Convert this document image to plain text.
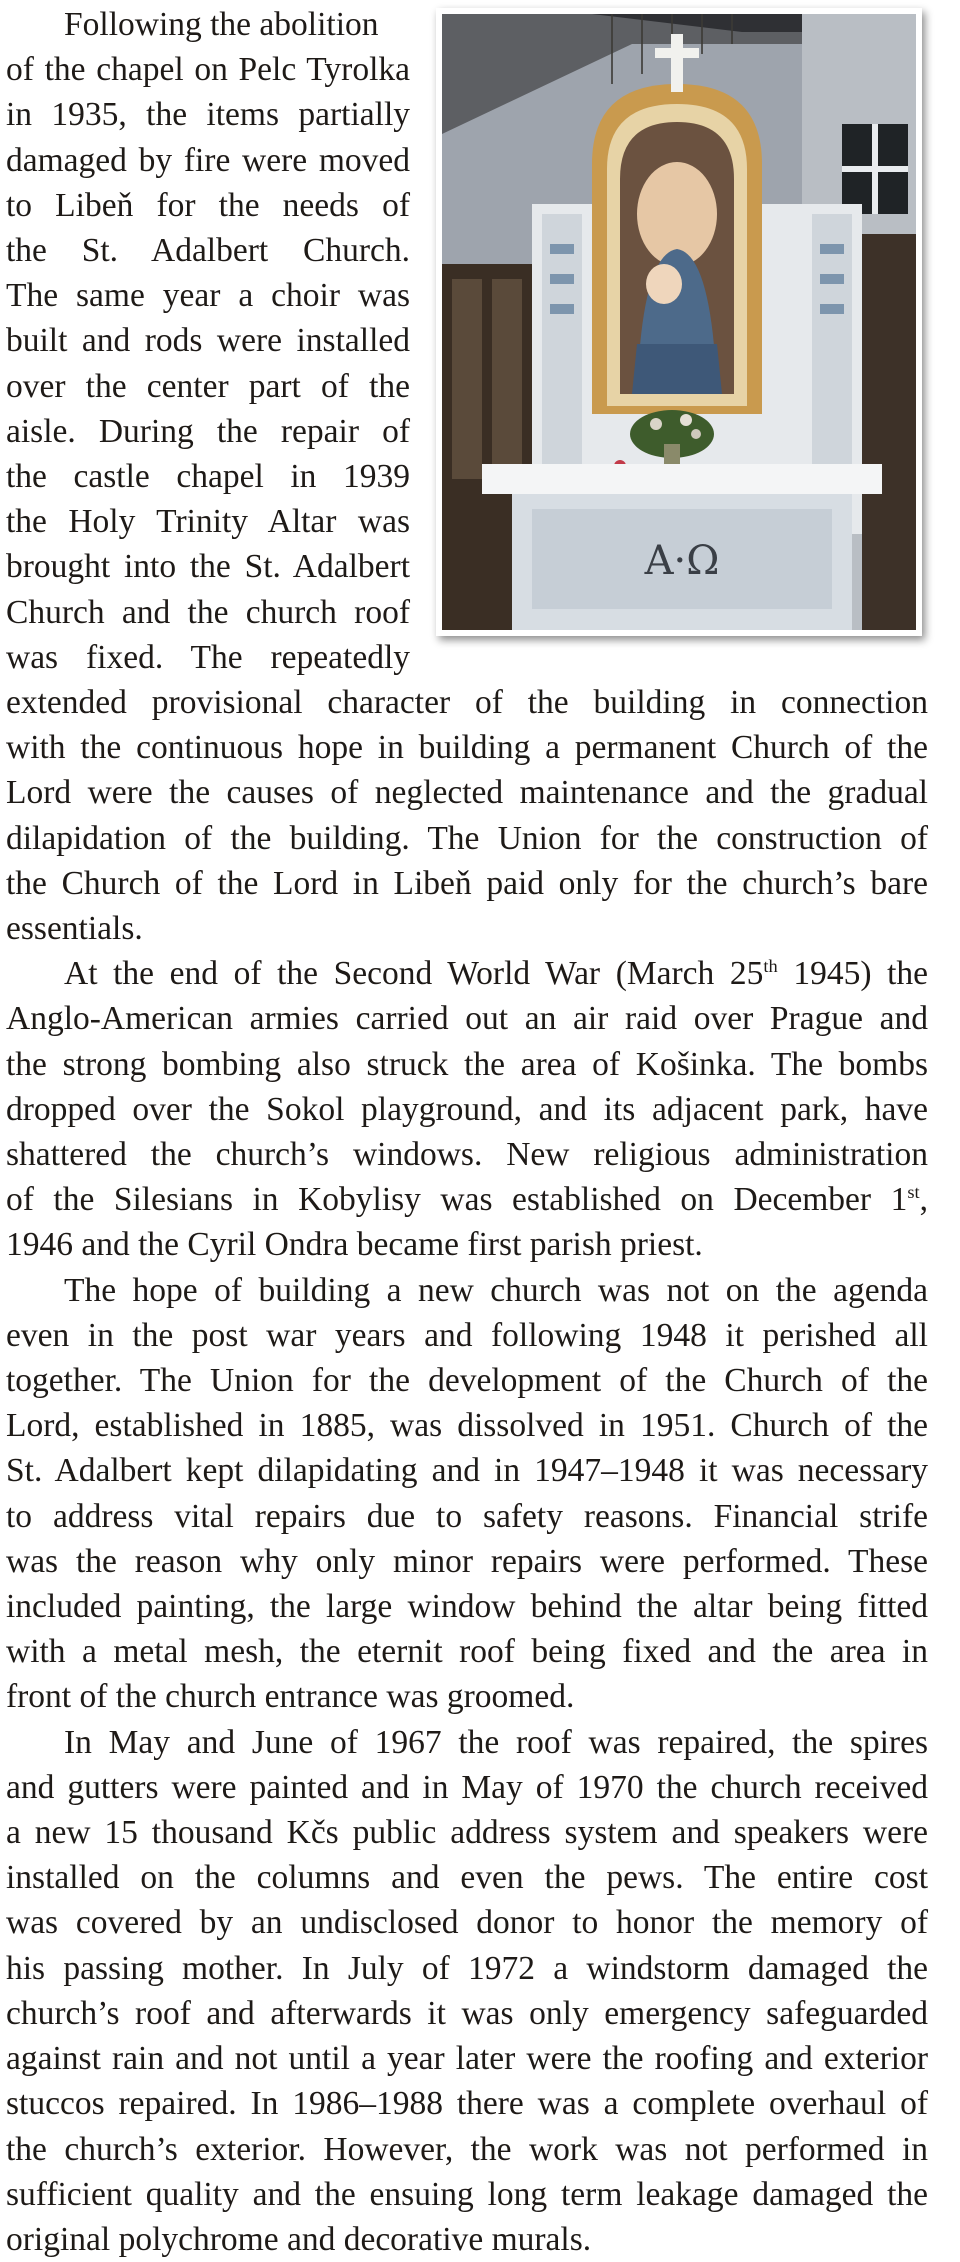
Following the abolition
of the chapel on Pelc Tyrolka
in 1935, the items partially
damaged by fire were moved
to Libeň for the needs of
the St. Adalbert Church.
The same year a choir was
built and rods were installed
over the center part of the
aisle. During the repair of
the castle chapel in 1939
the Holy Trinity Altar was
brought into the St. Adalbert
Church and the church roof
was fixed. The repeatedly
Α·Ω

extended provisional character of the building in connection
with the continuous hope in building a permanent Church of the
Lord were the causes of neglected maintenance and the gradual
dilapidation of the building. The Union for the construction of
the Church of the Lord in Libeň paid only for the church’s bare
essentials.

At the end of the Second World War (March 25th 1945) the
Anglo-American armies carried out an air raid over Prague and
the strong bombing also struck the area of Košinka. The bombs
dropped over the Sokol playground, and its adjacent park, have
shattered the church’s windows. New religious administration
of the Silesians in Kobylisy was established on December 1st,
1946 and the Cyril Ondra became first parish priest.

The hope of building a new church was not on the agenda
even in the post war years and following 1948 it perished all
together. The Union for the development of the Church of the
Lord, established in 1885, was dissolved in 1951. Church of the
St. Adalbert kept dilapidating and in 1947–1948 it was necessary
to address vital repairs due to safety reasons. Financial strife
was the reason why only minor repairs were performed. These
included painting, the large window behind the altar being fitted
with a metal mesh, the eternit roof being fixed and the area in
front of the church entrance was groomed.

In May and June of 1967 the roof was repaired, the spires
and gutters were painted and in May of 1970 the church received
a new 15 thousand Kčs public address system and speakers were
installed on the columns and even the pews. The entire cost
was covered by an undisclosed donor to honor the memory of
his passing mother. In July of 1972 a windstorm damaged the
church’s roof and afterwards it was only emergency safeguarded
against rain and not until a year later were the roofing and exterior
stuccos repaired. In 1986–1988 there was a complete overhaul of
the church’s exterior. However, the work was not performed in
sufficient quality and the ensuing long term leakage damaged the
original polychrome and decorative murals.
